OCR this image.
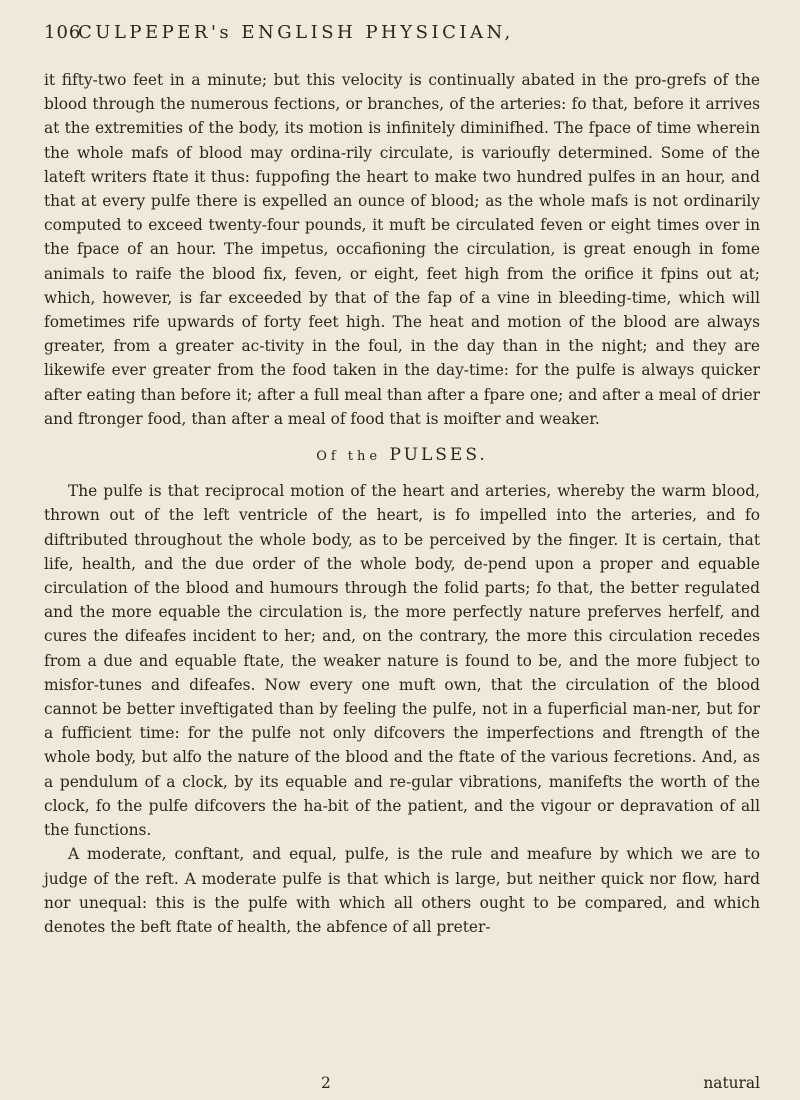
106
CULPEPER's ENGLISH PHYSICIAN,

it fifty-two feet in a minute; but this velocity is continually abated in the pro-grefs of the blood through the numerous fections, or branches, of the arteries: fo that, before it arrives at the extremities of the body, its motion is infinitely diminifhed. The fpace of time wherein the whole mafs of blood may ordina-rily circulate, is varioufly determined. Some of the lateft writers ftate it thus: fuppofing the heart to make two hundred pulfes in an hour, and that at every pulfe there is expelled an ounce of blood; as the whole mafs is not ordinarily computed to exceed twenty-four pounds, it muft be circulated feven or eight times over in the fpace of an hour. The impetus, occafioning the circulation, is great enough in fome animals to raife the blood fix, feven, or eight, feet high from the orifice it fpins out at; which, however, is far exceeded by that of the fap of a vine in bleeding-time, which will fometimes rife upwards of forty feet high. The heat and motion of the blood are always greater, from a greater ac-tivity in the foul, in the day than in the night; and they are likewife ever greater from the food taken in the day-time: for the pulfe is always quicker after eating than before it; after a full meal than after a fpare one; and after a meal of drier and ftronger food, than after a meal of food that is moifter and weaker.

Of the PULSES.

The pulfe is that reciprocal motion of the heart and arteries, whereby the warm blood, thrown out of the left ventricle of the heart, is fo impelled into the arteries, and fo diftributed throughout the whole body, as to be perceived by the finger. It is certain, that life, health, and the due order of the whole body, de-pend upon a proper and equable circulation of the blood and humours through the folid parts; fo that, the better regulated and the more equable the circulation is, the more perfectly nature preferves herfelf, and cures the difeafes incident to her; and, on the contrary, the more this circulation recedes from a due and equable ftate, the weaker nature is found to be, and the more fubject to misfor-tunes and difeafes. Now every one muft own, that the circulation of the blood cannot be better inveftigated than by feeling the pulfe, not in a fuperficial man-ner, but for a fufficient time: for the pulfe not only difcovers the imperfections and ftrength of the whole body, but alfo the nature of the blood and the ftate of the various fecretions. And, as a pendulum of a clock, by its equable and re-gular vibrations, manifefts the worth of the clock, fo the pulfe difcovers the ha-bit of the patient, and the vigour or depravation of all the functions.

A moderate, conftant, and equal, pulfe, is the rule and meafure by which we are to judge of the reft. A moderate pulfe is that which is large, but neither quick nor flow, hard nor unequal: this is the pulfe with which all others ought to be compared, and which denotes the beft ftate of health, the abfence of all preter-

2	natural
